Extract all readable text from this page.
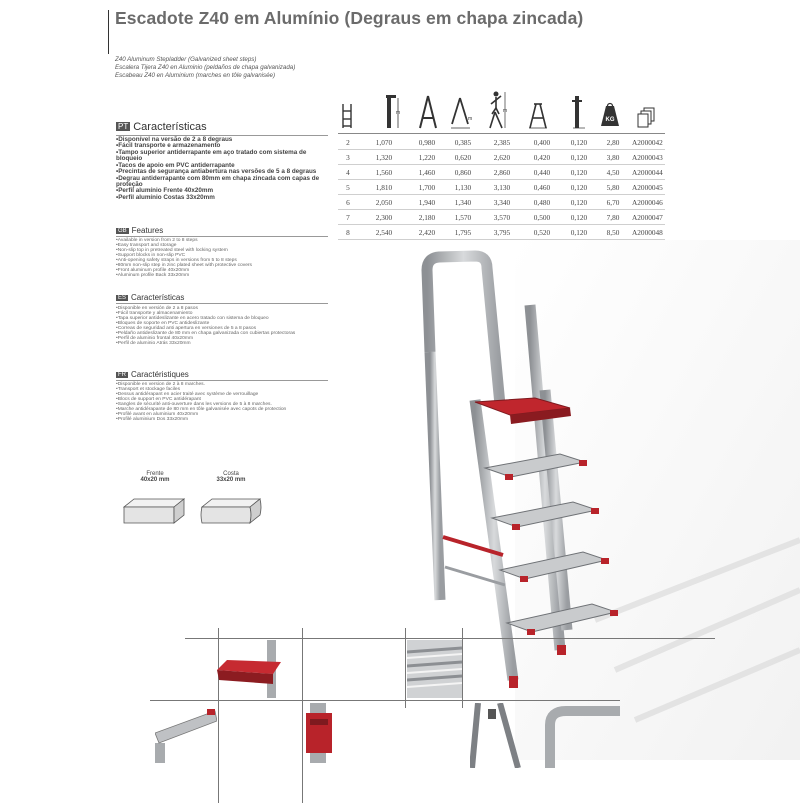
Escadote Z40 em Alumínio (Degraus em chapa zincada)
Z40 Aluminum Stepladder (Galvanized sheet steps)
Escalera Tijera Z40 en Aluminio (peldaños de chapa galvanizada)
Escabeau Z40 en Aluminium (marches en tôle galvanisée)
m
m
m
KG
2	1,070	0,980	0,385	2,385	0,400	0,120	2,80	A2000042
3	1,320	1,220	0,620	2,620	0,420	0,120	3,80	A2000043
4	1,560	1,460	0,860	2,860	0,440	0,120	4,50	A2000044
5	1,810	1,700	1,130	3,130	0,460	0,120	5,80	A2000045
6	2,050	1,940	1,340	3,340	0,480	0,120	6,70	A2000046
7	2,300	2,180	1,570	3,570	0,500	0,120	7,80	A2000047
8	2,540	2,420	1,795	3,795	0,520	0,120	8,50	A2000048
PT Características
• Disponível na versão de 2 a 8 degraus
• Fácil transporte e armazenamento
• Tampo superior antiderrapante em aço tratado com sistema de bloqueio
• Tacos de apoio em PVC antiderrapante
• Precintas de segurança antiabertura nas versões de 5 a 8 degraus
• Degrau antiderrapante com 80mm em chapa zincada com capas de proteção
• Perfil alumínio Frente 40x20mm
• Perfil alumínio Costas 33x20mm
GB Features
• Available in version from 2 to 8 steps
• Easy transport and storage
• Non-slip top in pretreated steel with locking system
• Support blocks in non-slip PVC
• Anti-opening safety straps in versions from 5 to 8 steps
• 80mm non-slip step in zinc plated sheet with protective covers
• Front aluminum profile 40x20mm
• Aluminum profile Back 33x20mm
ES Características
• Disponible en versión de 2 a 8 pasos
• Fácil transporte y almacenamiento
• Tapa superior antideslizante en acero tratado con sistema de bloqueo
• Bloques de soporte en PVC antideslizante
• Correas de seguridad anti apertura en versiones de 5 a 8 pasos
• Peldaño antideslizante de 80 mm en chapa galvanizada con cubiertas protectoras
• Perfil de aluminio frontal 40x20mm
• Perfil de aluminio Atrás 33x20mm
FR Caractéristiques
• Disponible en version de 2 à 8 marches.
• Transport et stockage faciles
• Dessus antidérapant en acier traité avec système de verrouillage
• Blocs de support en PVC antidérapant
• Sangles de sécurité anti-ouverture dans les versions de 5 à 8 marches.
• Marche antidérapante de 80 mm en tôle galvanisée avec capots de protection
• Profilé avant en aluminium 40x20mm
• Profilé aluminium Dos 33x20mm
Frente
40x20 mm
Costa
33x20 mm
